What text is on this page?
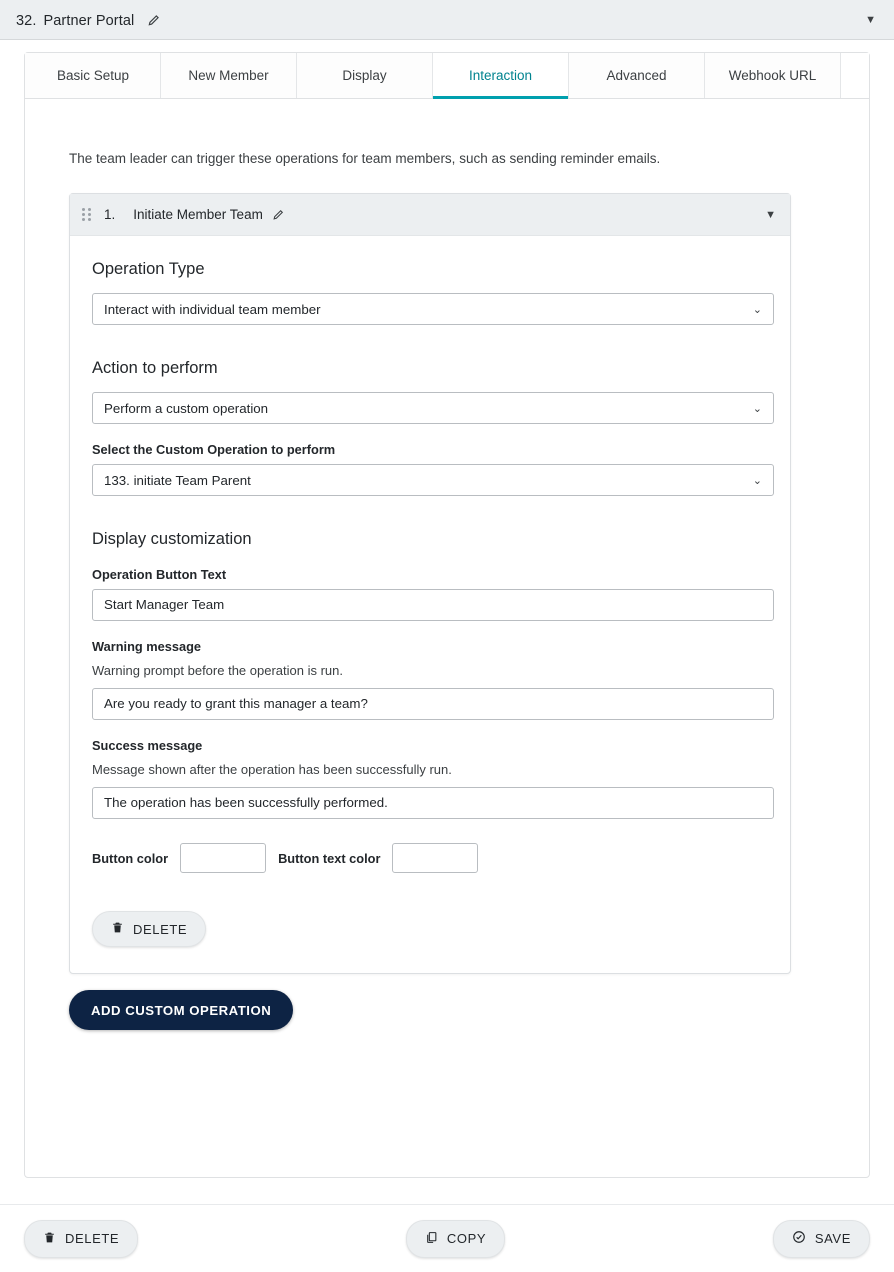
32. Partner Portal	▼
Basic Setup	New Member	Display	Interaction	Advanced	Webhook URL
The team leader can trigger these operations for team members, such as sending reminder emails.
1. Initiate Member Team	▼
Operation Type
Interact with individual team member	⌄
Action to perform
Perform a custom operation	⌄
Select the Custom Operation to perform
133. initiate Team Parent	⌄
Display customization
Operation Button Text
Start Manager Team
Warning message
Warning prompt before the operation is run.
Are you ready to grant this manager a team?
Success message
Message shown after the operation has been successfully run.
The operation has been successfully performed.
Button color	Button text color
DELETE
ADD CUSTOM OPERATION
DELETE	COPY	SAVE
